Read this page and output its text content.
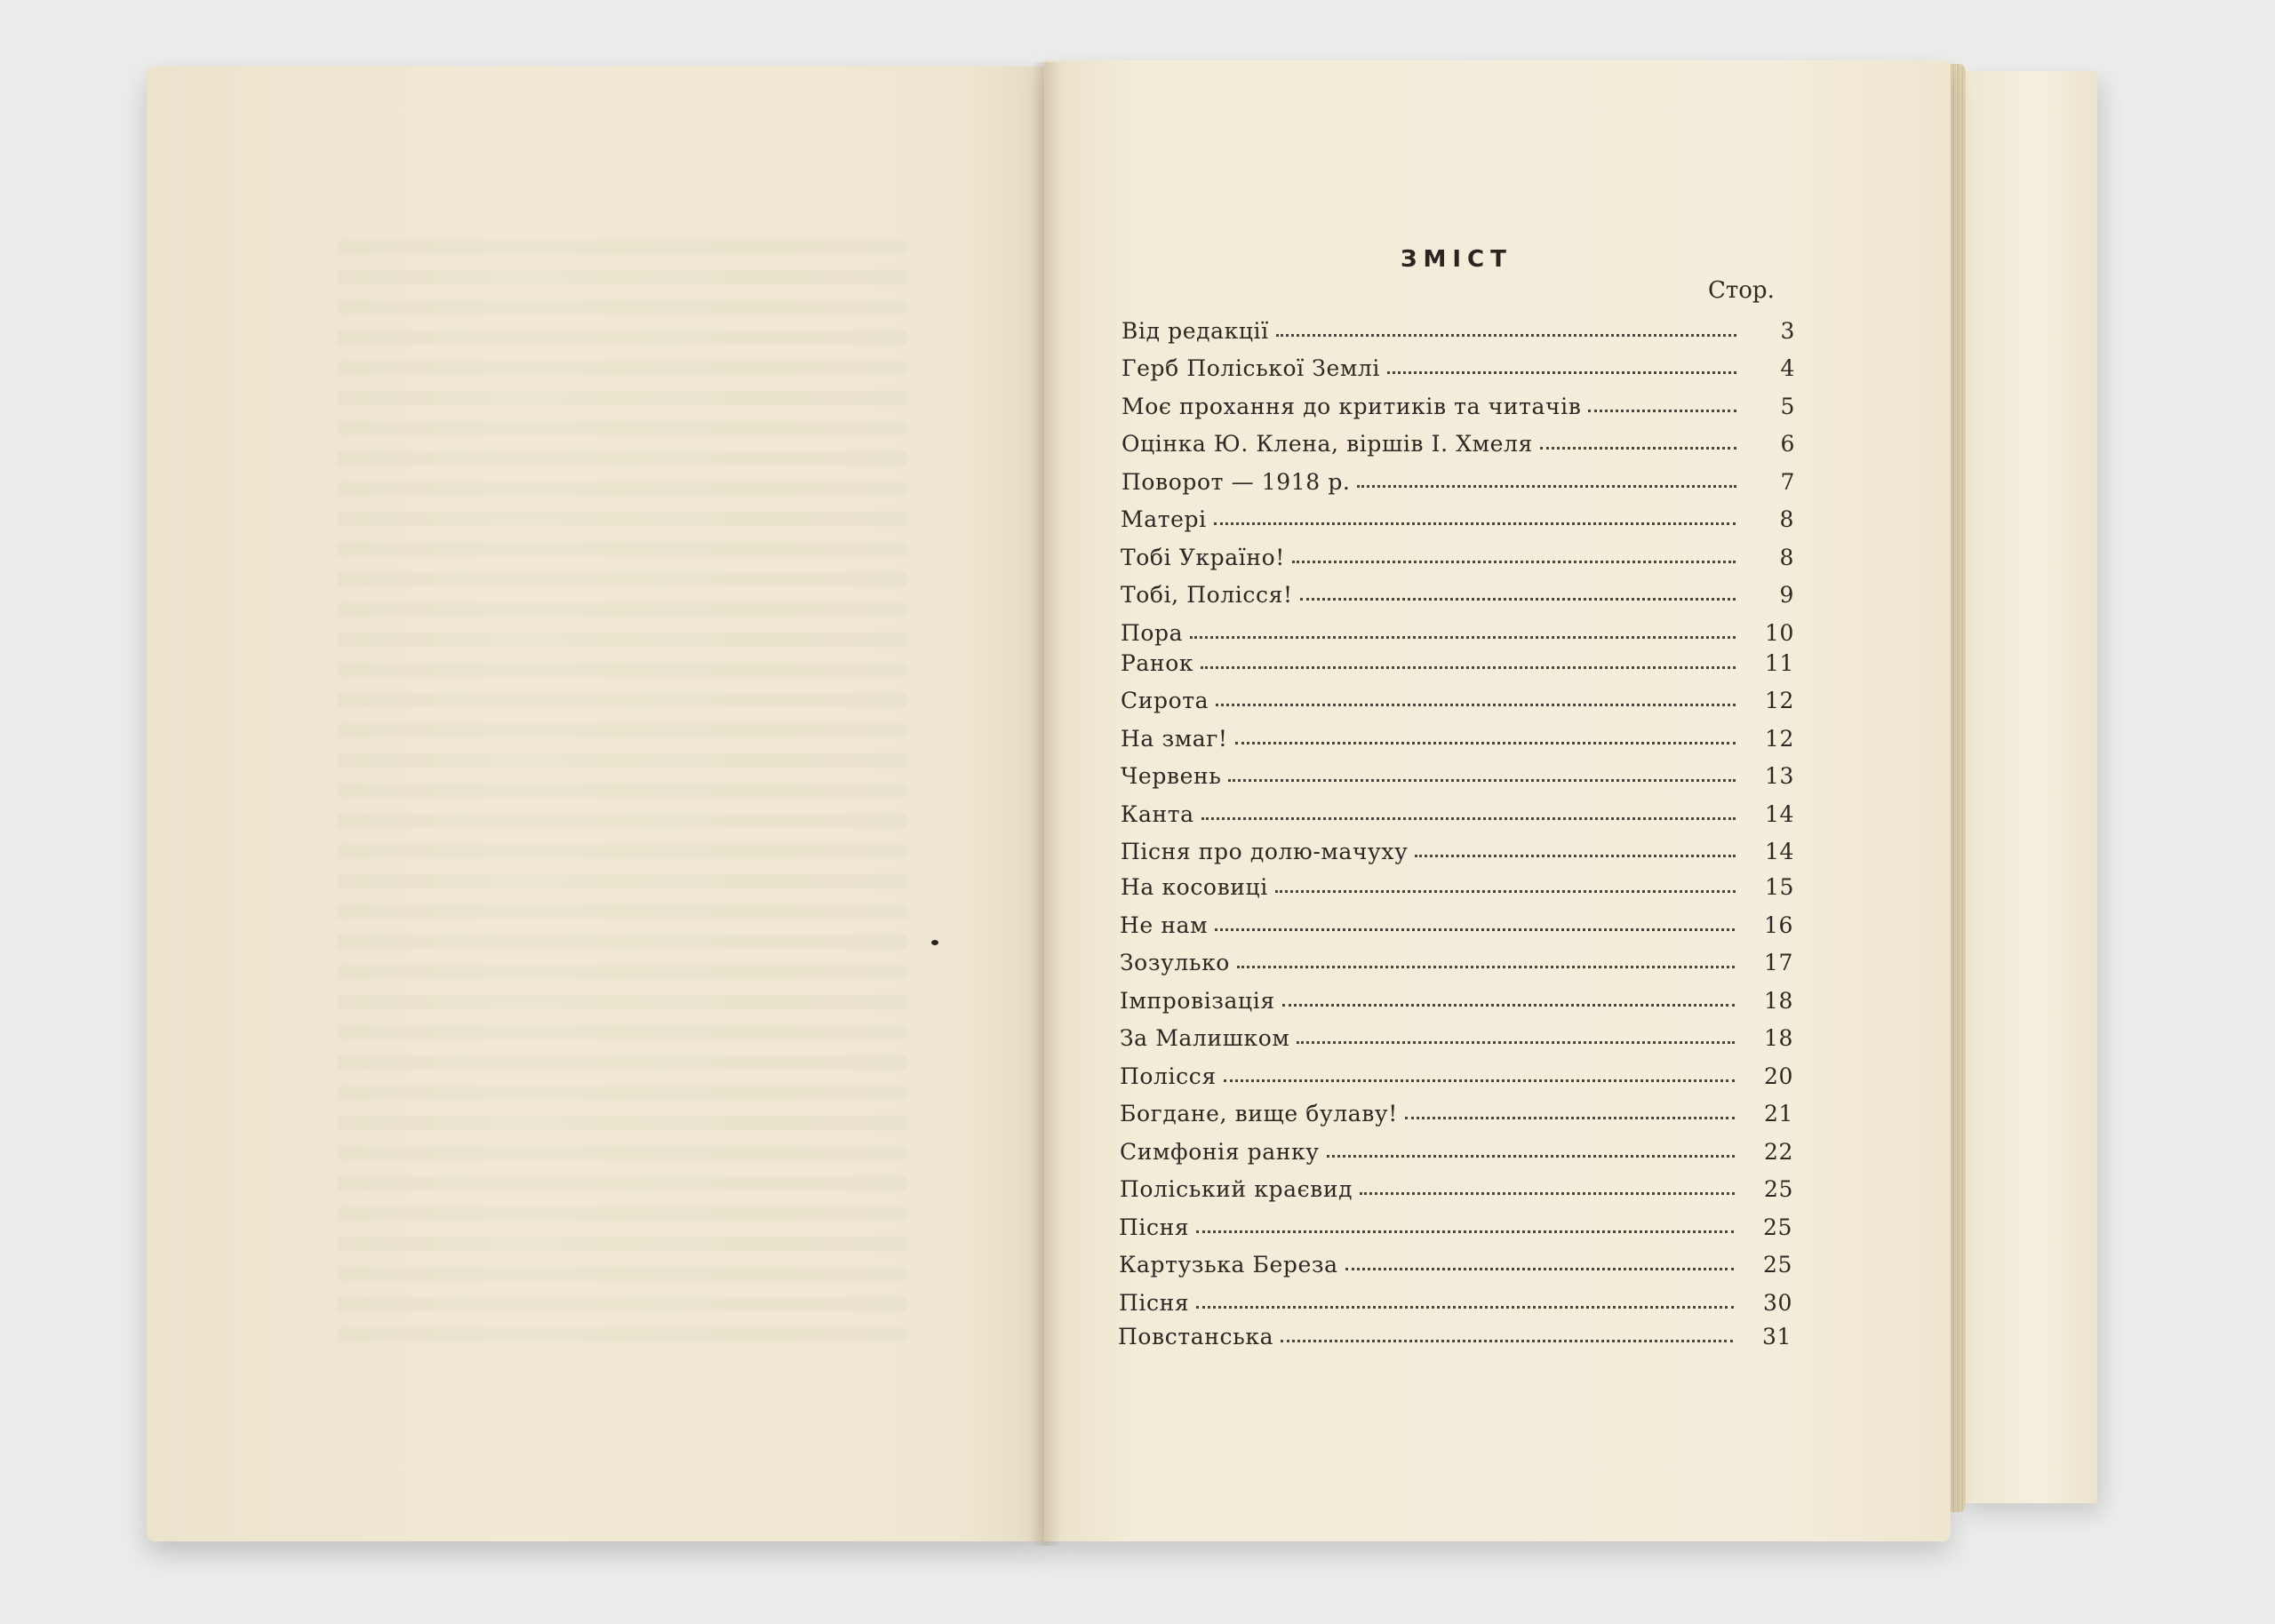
ЗМІСТ
Стор.
Від редакції	3
Герб Поліської Землі	4
Моє прохання до критиків та читачів	5
Оцінка Ю. Клена, віршів І. Хмеля	6
Поворот — 1918 р.	7
Матері	8
Тобі Україно!	8
Тобі, Полісся!	9
Пора	10
Ранок	11
Сирота	12
На змаг!	12
Червень	13
Канта	14
Пісня про долю-мачуху	14
На косовиці	15
Не нам	16
Зозулько	17
Імпровізація	18
За Малишком	18
Полісся	20
Богдане, вище булаву!	21
Симфонія ранку	22
Поліський краєвид	25
Пісня	25
Картузька Береза	25
Пісня	30
Повстанська	31
